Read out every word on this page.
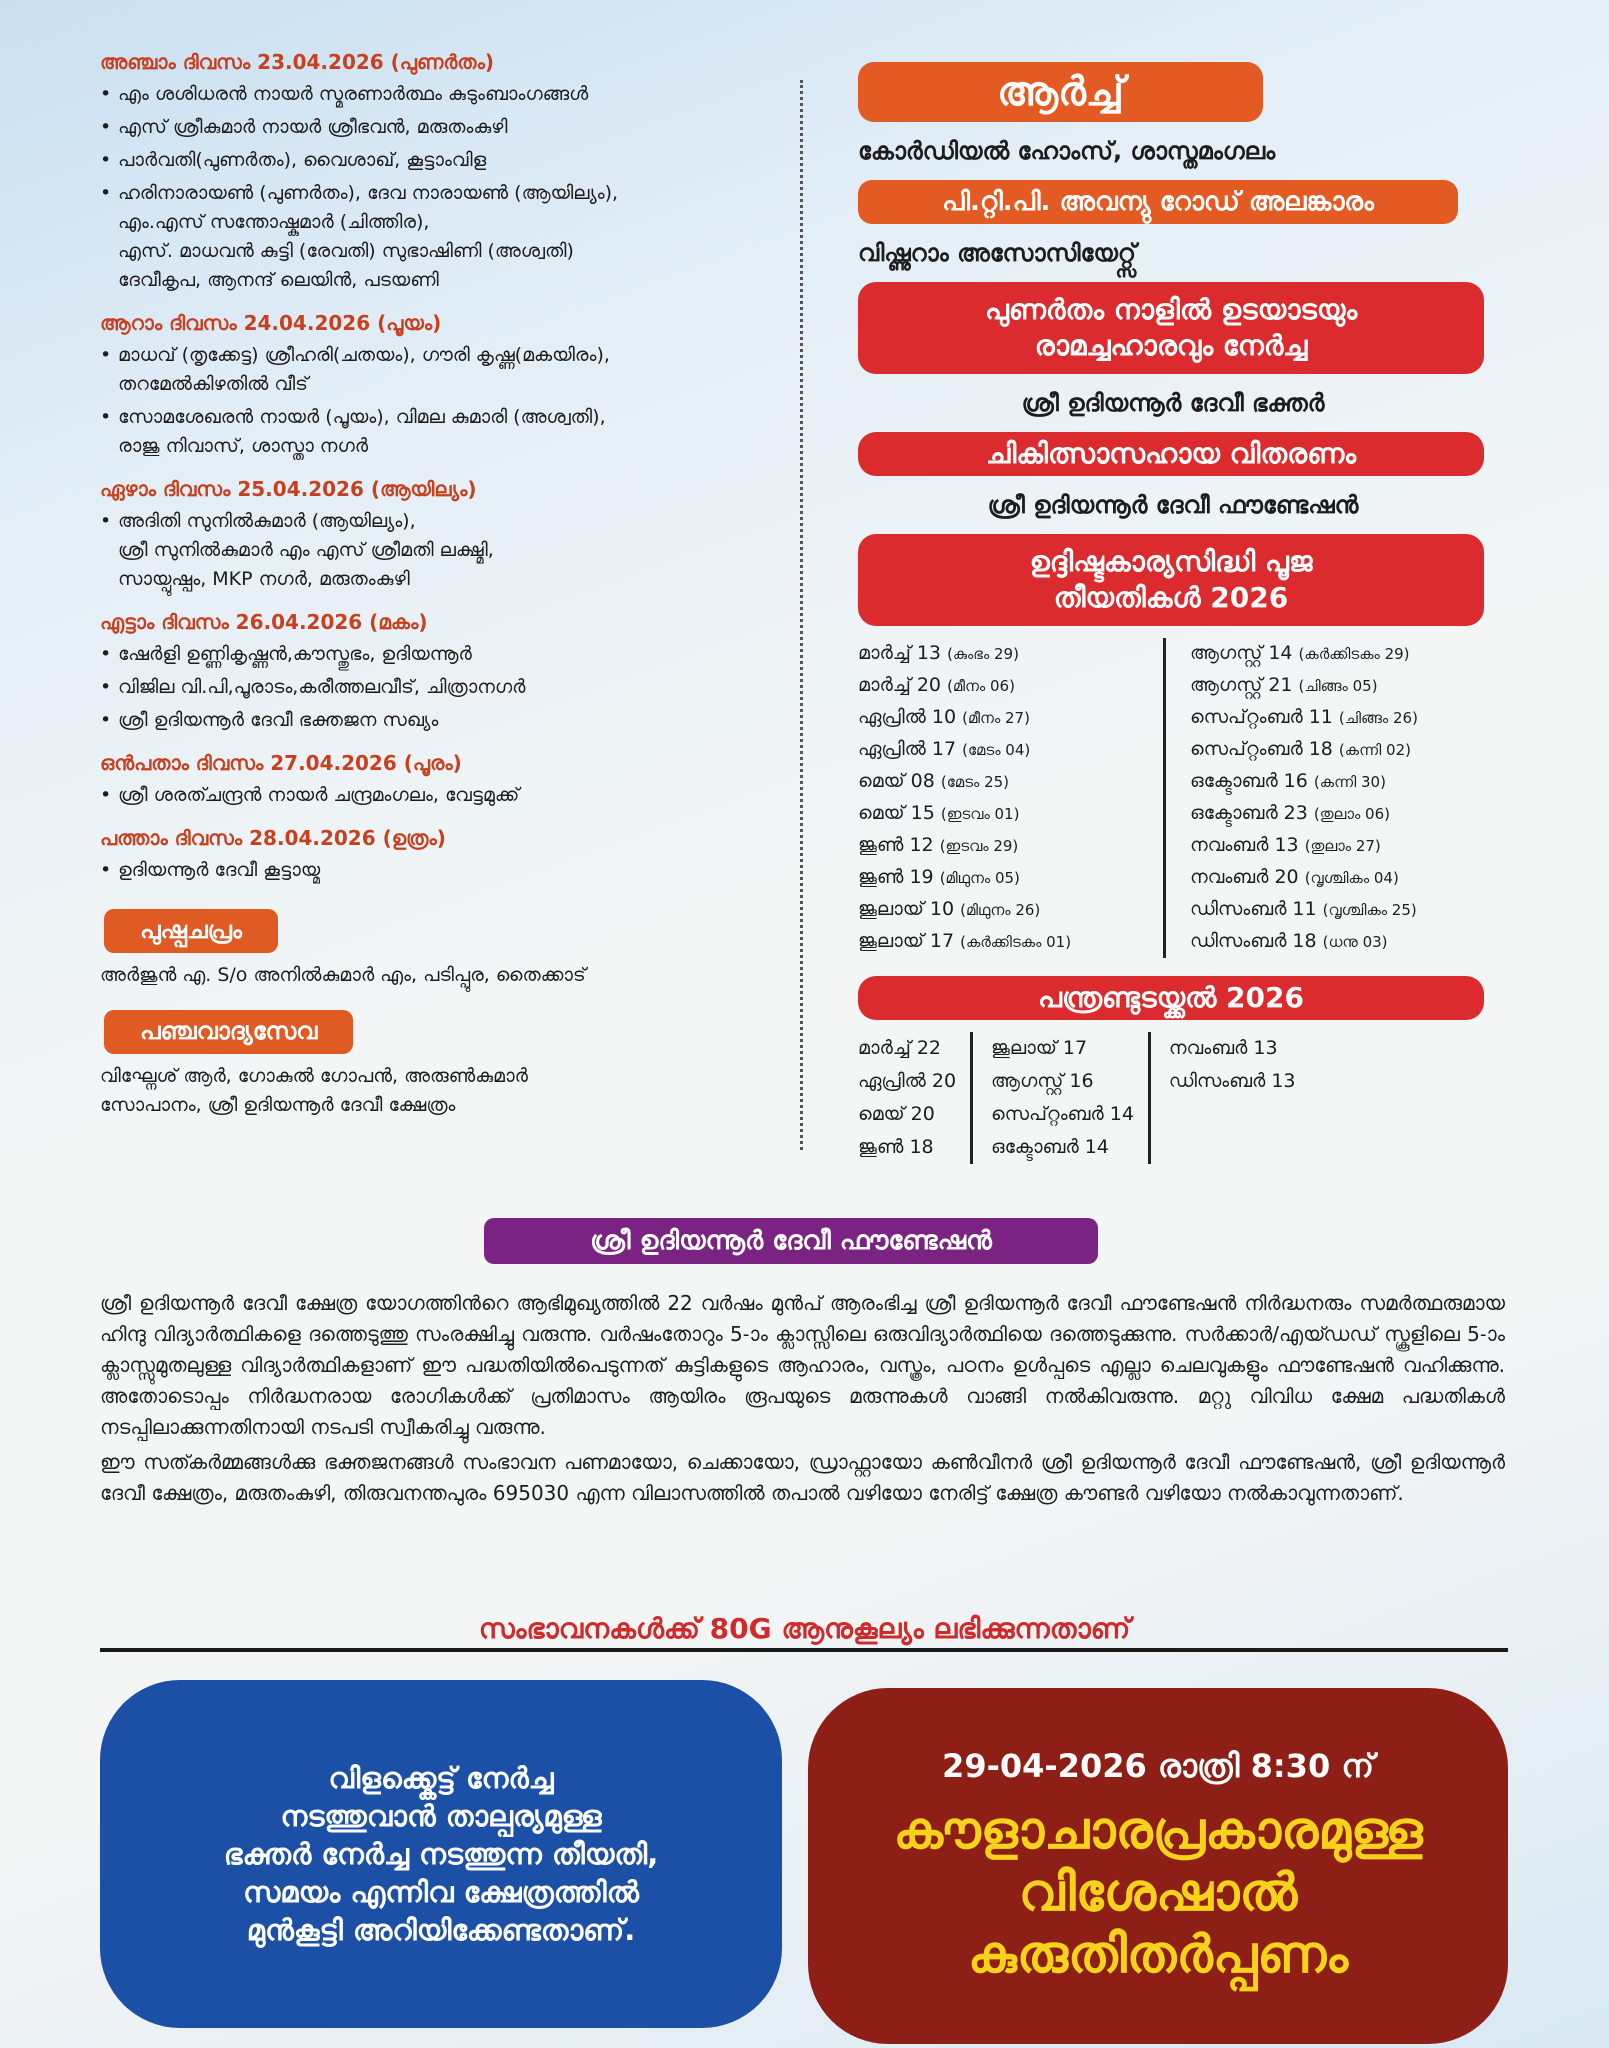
അഞ്ചാം ദിവസം 23.04.2026 (പുണർതം)
• എം ശശിധരൻ നായർ സ്മരണാർത്ഥം കുടുംബാംഗങ്ങൾ
• എസ് ശ്രീകുമാർ നായർ ശ്രീഭവൻ, മരുതംകുഴി
• പാർവതി(പുണർതം), വൈശാഖ്, കൂട്ടാംവിള
• ഹരിനാരായൺ (പുണർതം), ദേവ നാരായൺ (ആയില്യം),
എം.എസ് സന്തോഷ്കുമാർ (ചിത്തിര),
എസ്. മാധവൻ കുട്ടി (രേവതി) സുഭാഷിണി (അശ്വതി)
ദേവീകൃപ, ആനന്ദ് ലെയിൻ, പടയണി
ആറാം ദിവസം 24.04.2026 (പൂയം)
• മാധവ് (തൃക്കേട്ട) ശ്രീഹരി(ചതയം), ഗൗരി കൃഷ്ണ(മകയിരം),
തറമേൽകിഴതിൽ വീട്
• സോമശേഖരൻ നായർ (പൂയം), വിമല കുമാരി (അശ്വതി),
രാജു നിവാസ്, ശാസ്താ നഗർ
ഏഴാം ദിവസം 25.04.2026 (ആയില്യം)
• അദിതി സുനിൽകുമാർ (ആയില്യം),
ശ്രീ സുനിൽകുമാർ എം എസ് ശ്രീമതി ലക്ഷ്മി,
സായ്പുഷ്പം, MKP നഗർ, മരുതംകുഴി
എട്ടാം ദിവസം 26.04.2026 (മകം)
• ഷേർളി ഉണ്ണികൃഷ്ണൻ,കൗസ്തുഭം, ഉദിയന്നൂർ
• വിജില വി.പി,പൂരാടം,കരീത്തലവീട്, ചിത്രാനഗർ
• ശ്രീ ഉദിയന്നൂർ ദേവീ ഭക്തജന സഖ്യം
ഒൻപതാം ദിവസം 27.04.2026 (പൂരം)
• ശ്രീ ശരത്ചന്ദ്രൻ നായർ ചന്ദ്രമംഗലം, വേട്ടമുക്ക്
പത്താം ദിവസം 28.04.2026 (ഉത്രം)
• ഉദിയന്നൂർ ദേവീ കൂട്ടായ്മ
പുഷ്പചപ്രം
അർജുൻ എ. S/o അനിൽകുമാർ എം, പടിപ്പുര, തൈക്കാട്
പഞ്ചവാദ്യസേവ
വിഘ്നേശ് ആർ, ഗോകുൽ ഗോപൻ, അരുൺകുമാർ
സോപാനം, ശ്രീ ഉദിയന്നൂർ ദേവീ ക്ഷേത്രം
ആർച്ച്
കോർഡിയൽ ഹോംസ്, ശാസ്തമംഗലം
പി.റ്റി.പി. അവന്യു റോഡ് അലങ്കാരം
വിഷ്ണുറാം അസോസിയേറ്റ്സ്
പുണർതം നാളിൽ ഉടയാടയും
രാമച്ചഹാരവും നേർച്ച
ശ്രീ ഉദിയന്നൂർ ദേവീ ഭക്തർ
ചികിത്സാസഹായ വിതരണം
ശ്രീ ഉദിയന്നൂർ ദേവീ ഫൗണ്ടേഷൻ
ഉദ്ദിഷ്ടകാര്യസിദ്ധി പൂജ
തീയതികൾ 2026
മാർച്ച് 13 (കുംഭം 29)
മാർച്ച് 20 (മീനം 06)
ഏപ്രിൽ 10 (മീനം 27)
ഏപ്രിൽ 17 (മേടം 04)
മെയ് 08 (മേടം 25)
മെയ് 15 (ഇടവം 01)
ജൂൺ 12 (ഇടവം 29)
ജൂൺ 19 (മിഥുനം 05)
ജൂലായ് 10 (മിഥുനം 26)
ജൂലായ് 17 (കർക്കിടകം 01)
ആഗസ്റ്റ് 14 (കർക്കിടകം 29)
ആഗസ്റ്റ് 21 (ചിങ്ങം 05)
സെപ്റ്റംബർ 11 (ചിങ്ങം 26)
സെപ്റ്റംബർ 18 (കന്നി 02)
ഒക്ടോബർ 16 (കന്നി 30)
ഒക്ടോബർ 23 (തുലാം 06)
നവംബർ 13 (തുലാം 27)
നവംബർ 20 (വൃശ്ചികം 04)
ഡിസംബർ 11 (വൃശ്ചികം 25)
ഡിസംബർ 18 (ധനു 03)
പന്ത്രണ്ടുടയ്ക്കൽ 2026
മാർച്ച് 22
ഏപ്രിൽ 20
മെയ് 20
ജൂൺ 18
ജൂലായ് 17
ആഗസ്റ്റ് 16
സെപ്റ്റംബർ 14
ഒക്ടോബർ 14
നവംബർ 13
ഡിസംബർ 13
ശ്രീ ഉദിയന്നൂർ ദേവീ ഫൗണ്ടേഷൻ

ശ്രീ ഉദിയന്നൂർ ദേവീ ക്ഷേത്ര യോഗത്തിൻറെ ആഭിമുഖ്യത്തിൽ 22 വർഷം മുൻപ് ആരംഭിച്ച ശ്രീ ഉദിയന്നൂർ ദേവീ ഫൗണ്ടേഷൻ നിർദ്ധനരും സമർത്ഥരുമായ ഹിന്ദു വിദ്യാർത്ഥികളെ ദത്തെടുത്തു സംരക്ഷിച്ചു വരുന്നു. വർഷംതോറും 5-ാം ക്ലാസ്സിലെ ഒരുവിദ്യാർത്ഥിയെ ദത്തെടുക്കുന്നു. സർക്കാർ/എയ്ഡഡ് സ്കൂളിലെ 5-ാം ക്ലാസ്സുമുതലുള്ള വിദ്യാർത്ഥികളാണ് ഈ പദ്ധതിയിൽപെടുന്നത് കുട്ടികളുടെ ആഹാരം, വസ്ത്രം, പഠനം ഉൾപ്പടെ എല്ലാ ചെലവുകളും ഫൗണ്ടേഷൻ വഹിക്കുന്നു. അതോടൊപ്പം നിർദ്ധനരായ രോഗികൾക്ക് പ്രതിമാസം ആയിരം രൂപയുടെ മരുന്നുകൾ വാങ്ങി നൽകിവരുന്നു. മറ്റു വിവിധ ക്ഷേമ പദ്ധതികൾ നടപ്പിലാക്കുന്നതിനായി നടപടി സ്വീകരിച്ചു വരുന്നു.

ഈ സത്കർമ്മങ്ങൾക്കു ഭക്തജനങ്ങൾ സംഭാവന പണമായോ, ചെക്കായോ, ഡ്രാഫ്റ്റായോ കൺവീനർ ശ്രീ ഉദിയന്നൂർ ദേവീ ഫൗണ്ടേഷൻ, ശ്രീ ഉദിയന്നൂർ ദേവീ ക്ഷേത്രം, മരുതംകുഴി, തിരുവനന്തപുരം 695030 എന്ന വിലാസത്തിൽ തപാൽ വഴിയോ നേരിട്ട് ക്ഷേത്ര കൗണ്ടർ വഴിയോ നൽകാവുന്നതാണ്.

സംഭാവനകൾക്ക് 80G ആനുകൂല്യം ലഭിക്കുന്നതാണ്
വിളക്ക്കെട്ട് നേർച്ച
നടത്തുവാൻ താല്പര്യമുള്ള
ഭക്തർ നേർച്ച നടത്തുന്ന തീയതി,
സമയം എന്നിവ ക്ഷേത്രത്തിൽ
മുൻകൂട്ടി അറിയിക്കേണ്ടതാണ്.
29-04-2026 രാത്രി 8:30 ന്
കൗളാചാരപ്രകാരമുള്ള
വിശേഷാൽ
കുരുതിതർപ്പണം
